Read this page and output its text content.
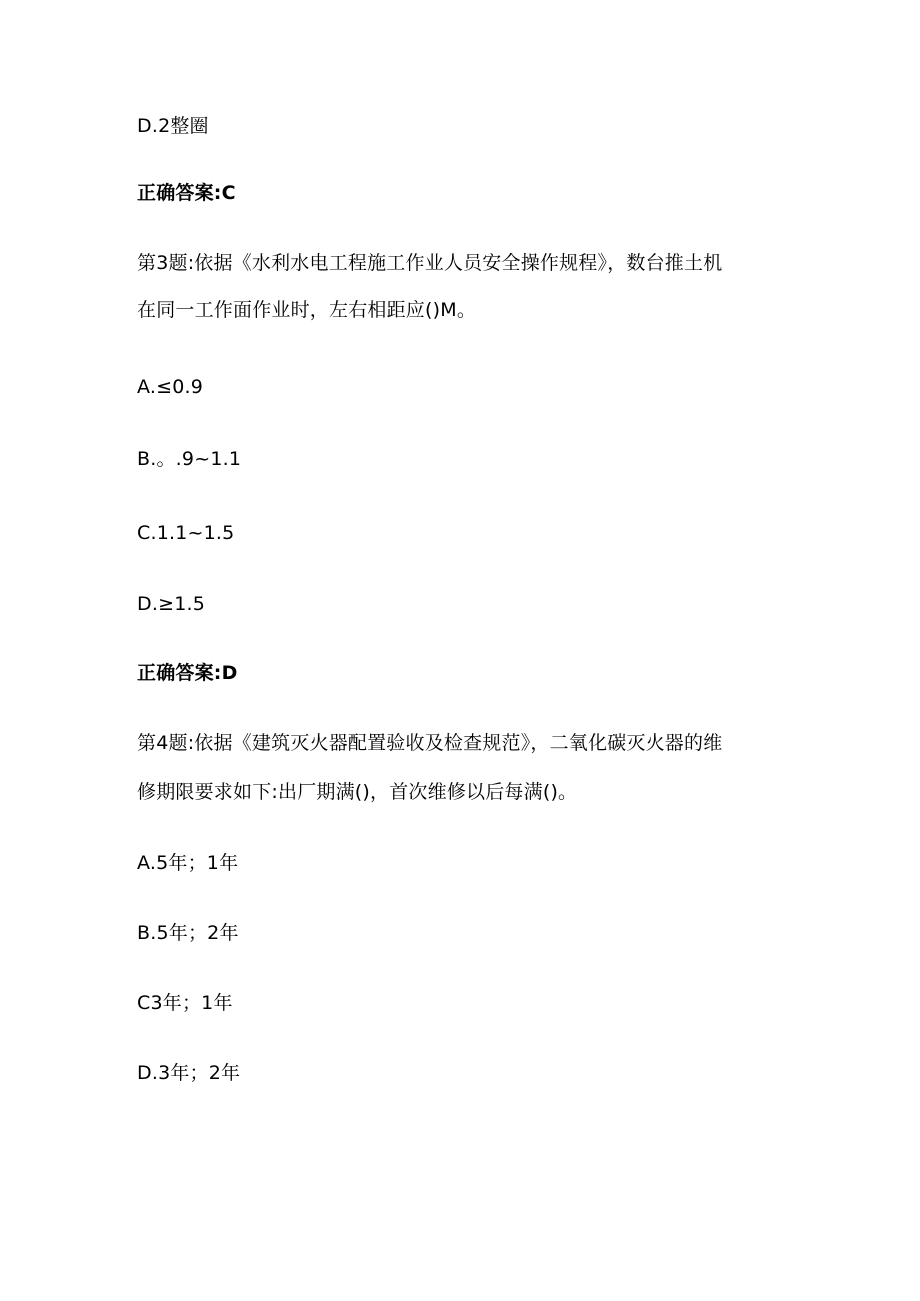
D.2整圈
正确答案:C
第3题:依据《水利水电工程施工作业人员安全操作规程》，数台推土机
在同一工作面作业时，左右相距应()M。
A.≤0.9
B.。.9~1.1
C.1.1~1.5
D.≥1.5
正确答案:D
第4题:依据《建筑灭火器配置验收及检查规范》，二氧化碳灭火器的维
修期限要求如下:出厂期满()，首次维修以后每满()。
A.5年；1年
B.5年；2年
C3年；1年
D.3年；2年
